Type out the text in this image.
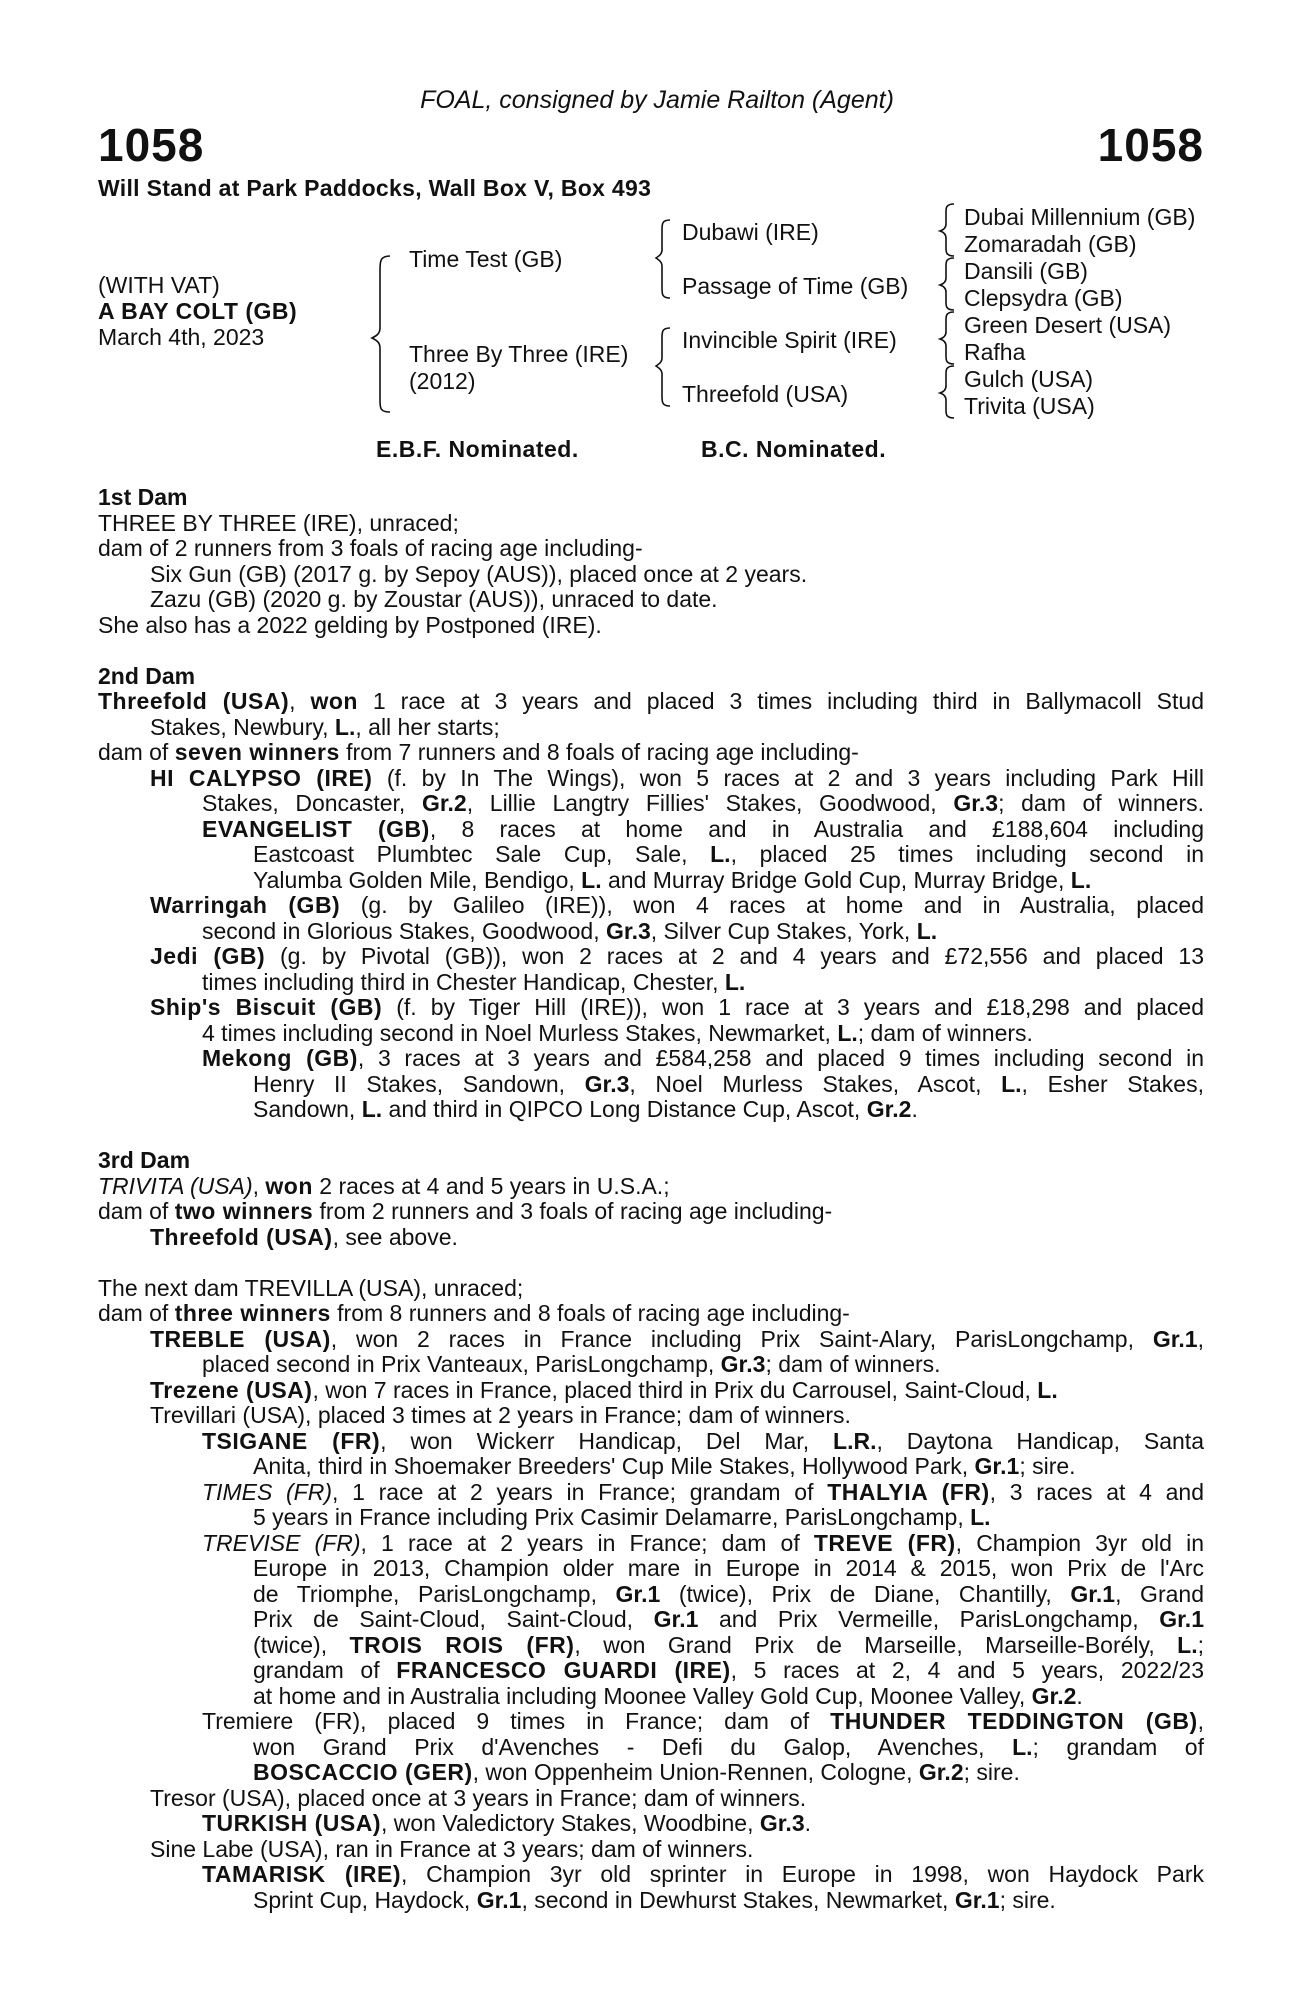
FOAL, consigned by Jamie Railton (Agent)
1058	1058
Will Stand at Park Paddocks, Wall Box V, Box 493
(WITH VAT)
A BAY COLT (GB)
March 4th, 2023
Time Test (GB)
Three By Three (IRE)
(2012)
Dubawi (IRE)
Passage of Time (GB)
Invincible Spirit (IRE)
Threefold (USA)
Dubai Millennium (GB)
Zomaradah (GB)
Dansili (GB)
Clepsydra (GB)
Green Desert (USA)
Rafha
Gulch (USA)
Trivita (USA)
E.B.F. Nominated.	B.C. Nominated.
1st Dam
THREE BY THREE (IRE), unraced;
dam of 2 runners from 3 foals of racing age including-
Six Gun (GB) (2017 g. by Sepoy (AUS)), placed once at 2 years.
Zazu (GB) (2020 g. by Zoustar (AUS)), unraced to date.
She also has a 2022 gelding by Postponed (IRE).
2nd Dam
Threefold (USA), won 1 race at 3 years and placed 3 times including third in Ballymacoll Stud
Stakes, Newbury, L., all her starts;
dam of seven winners from 7 runners and 8 foals of racing age including-
HI CALYPSO (IRE) (f. by In The Wings), won 5 races at 2 and 3 years including Park Hill
Stakes, Doncaster, Gr.2, Lillie Langtry Fillies' Stakes, Goodwood, Gr.3; dam of winners.
EVANGELIST (GB), 8 races at home and in Australia and £188,604 including
Eastcoast Plumbtec Sale Cup, Sale, L., placed 25 times including second in
Yalumba Golden Mile, Bendigo, L. and Murray Bridge Gold Cup, Murray Bridge, L.
Warringah (GB) (g. by Galileo (IRE)), won 4 races at home and in Australia, placed
second in Glorious Stakes, Goodwood, Gr.3, Silver Cup Stakes, York, L.
Jedi (GB) (g. by Pivotal (GB)), won 2 races at 2 and 4 years and £72,556 and placed 13
times including third in Chester Handicap, Chester, L.
Ship's Biscuit (GB) (f. by Tiger Hill (IRE)), won 1 race at 3 years and £18,298 and placed
4 times including second in Noel Murless Stakes, Newmarket, L.; dam of winners.
Mekong (GB), 3 races at 3 years and £584,258 and placed 9 times including second in
Henry II Stakes, Sandown, Gr.3, Noel Murless Stakes, Ascot, L., Esher Stakes,
Sandown, L. and third in QIPCO Long Distance Cup, Ascot, Gr.2.
3rd Dam
TRIVITA (USA), won 2 races at 4 and 5 years in U.S.A.;
dam of two winners from 2 runners and 3 foals of racing age including-
Threefold (USA), see above.
The next dam TREVILLA (USA), unraced;
dam of three winners from 8 runners and 8 foals of racing age including-
TREBLE (USA), won 2 races in France including Prix Saint-Alary, ParisLongchamp, Gr.1,
placed second in Prix Vanteaux, ParisLongchamp, Gr.3; dam of winners.
Trezene (USA), won 7 races in France, placed third in Prix du Carrousel, Saint-Cloud, L.
Trevillari (USA), placed 3 times at 2 years in France; dam of winners.
TSIGANE (FR), won Wickerr Handicap, Del Mar, L.R., Daytona Handicap, Santa
Anita, third in Shoemaker Breeders' Cup Mile Stakes, Hollywood Park, Gr.1; sire.
TIMES (FR), 1 race at 2 years in France; grandam of THALYIA (FR), 3 races at 4 and
5 years in France including Prix Casimir Delamarre, ParisLongchamp, L.
TREVISE (FR), 1 race at 2 years in France; dam of TREVE (FR), Champion 3yr old in
Europe in 2013, Champion older mare in Europe in 2014 & 2015, won Prix de l'Arc
de Triomphe, ParisLongchamp, Gr.1 (twice), Prix de Diane, Chantilly, Gr.1, Grand
Prix de Saint-Cloud, Saint-Cloud, Gr.1 and Prix Vermeille, ParisLongchamp, Gr.1
(twice), TROIS ROIS (FR), won Grand Prix de Marseille, Marseille-Borély, L.;
grandam of FRANCESCO GUARDI (IRE), 5 races at 2, 4 and 5 years, 2022/23
at home and in Australia including Moonee Valley Gold Cup, Moonee Valley, Gr.2.
Tremiere (FR), placed 9 times in France; dam of THUNDER TEDDINGTON (GB),
won Grand Prix d'Avenches - Defi du Galop, Avenches, L.; grandam of
BOSCACCIO (GER), won Oppenheim Union-Rennen, Cologne, Gr.2; sire.
Tresor (USA), placed once at 3 years in France; dam of winners.
TURKISH (USA), won Valedictory Stakes, Woodbine, Gr.3.
Sine Labe (USA), ran in France at 3 years; dam of winners.
TAMARISK (IRE), Champion 3yr old sprinter in Europe in 1998, won Haydock Park
Sprint Cup, Haydock, Gr.1, second in Dewhurst Stakes, Newmarket, Gr.1; sire.
